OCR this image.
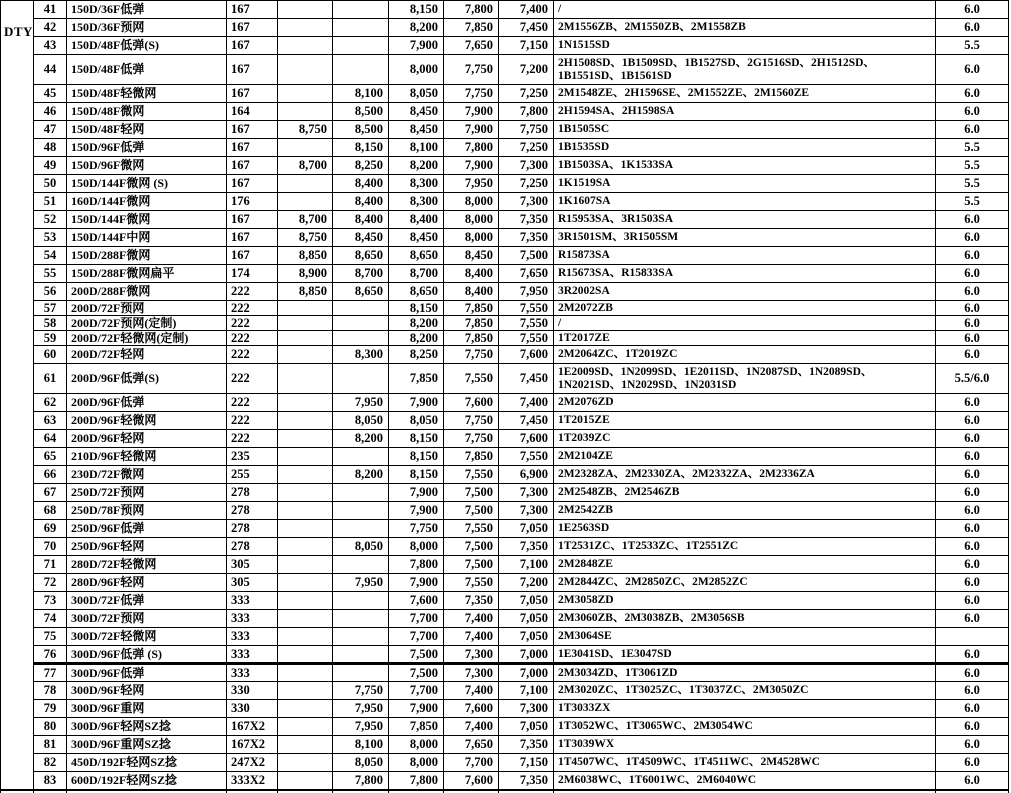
DTY	41	150D/36F低弹	167			8,150	7,800	7,400	/	6.0
	42	150D/36F预网	167			8,200	7,850	7,450	2M1556ZB、2M1550ZB、2M1558ZB	6.0
	43	150D/48F低弹(S)	167			7,900	7,650	7,150	1N1515SD	5.5
	44	150D/48F低弹	167			8,000	7,750	7,200	2H1508SD、1B1509SD、1B1527SD、2G1516SD、2H1512SD、1B1551SD、1B1561SD	6.0
	45	150D/48F轻微网	167		8,100	8,050	7,750	7,250	2M1548ZE、2H1596SE、2M1552ZE、2M1560ZE	6.0
	46	150D/48F微网	164		8,500	8,450	7,900	7,800	2H1594SA、2H1598SA	6.0
	47	150D/48F轻网	167	8,750	8,500	8,450	7,900	7,750	1B1505SC	6.0
	48	150D/96F低弹	167		8,150	8,100	7,800	7,250	1B1535SD	5.5
	49	150D/96F微网	167	8,700	8,250	8,200	7,900	7,300	1B1503SA、1K1533SA	5.5
	50	150D/144F微网 (S)	167		8,400	8,300	7,950	7,250	1K1519SA	5.5
	51	160D/144F微网	176		8,400	8,300	8,000	7,300	1K1607SA	5.5
	52	150D/144F微网	167	8,700	8,400	8,400	8,000	7,350	R15953SA、3R1503SA	6.0
	53	150D/144F中网	167	8,750	8,450	8,450	8,000	7,350	3R1501SM、3R1505SM	6.0
	54	150D/288F微网	167	8,850	8,650	8,650	8,450	7,500	R15873SA	6.0
	55	150D/288F微网扁平	174	8,900	8,700	8,700	8,400	7,650	R15673SA、R15833SA	6.0
	56	200D/288F微网	222	8,850	8,650	8,650	8,400	7,950	3R2002SA	6.0
	57	200D/72F预网	222			8,150	7,850	7,550	2M2072ZB	6.0
	58	200D/72F预网(定制)	222			8,200	7,850	7,550	/	6.0
	59	200D/72F轻微网(定制)	222			8,200	7,850	7,550	1T2017ZE	6.0
	60	200D/72F轻网	222		8,300	8,250	7,750	7,600	2M2064ZC、1T2019ZC	6.0
	61	200D/96F低弹(S)	222			7,850	7,550	7,450	1E2009SD、1N2099SD、1E2011SD、1N2087SD、1N2089SD、1N2021SD、1N2029SD、1N2031SD	5.5/6.0
	62	200D/96F低弹	222		7,950	7,900	7,600	7,400	2M2076ZD	6.0
	63	200D/96F轻微网	222		8,050	8,050	7,750	7,450	1T2015ZE	6.0
	64	200D/96F轻网	222		8,200	8,150	7,750	7,600	1T2039ZC	6.0
	65	210D/96F轻微网	235			8,150	7,850	7,550	2M2104ZE	6.0
	66	230D/72F微网	255		8,200	8,150	7,550	6,900	2M2328ZA、2M2330ZA、2M2332ZA、2M2336ZA	6.0
	67	250D/72F预网	278			7,900	7,500	7,300	2M2548ZB、2M2546ZB	6.0
	68	250D/78F预网	278			7,900	7,500	7,300	2M2542ZB	6.0
	69	250D/96F低弹	278			7,750	7,550	7,050	1E2563SD	6.0
	70	250D/96F轻网	278		8,050	8,000	7,500	7,350	1T2531ZC、1T2533ZC、1T2551ZC	6.0
	71	280D/72F轻微网	305			7,800	7,500	7,100	2M2848ZE	6.0
	72	280D/96F轻网	305		7,950	7,900	7,550	7,200	2M2844ZC、2M2850ZC、2M2852ZC	6.0
	73	300D/72F低弹	333			7,600	7,350	7,050	2M3058ZD	6.0
	74	300D/72F预网	333			7,700	7,400	7,050	2M3060ZB、2M3038ZB、2M3056SB	6.0
	75	300D/72F轻微网	333			7,700	7,400	7,050	2M3064SE	
	76	300D/96F低弹 (S)	333			7,500	7,300	7,000	1E3041SD、1E3047SD	6.0
	77	300D/96F低弹	333			7,500	7,300	7,000	2M3034ZD、1T3061ZD	6.0
	78	300D/96F轻网	330		7,750	7,700	7,400	7,100	2M3020ZC、1T3025ZC、1T3037ZC、2M3050ZC	6.0
	79	300D/96F重网	330		7,950	7,900	7,600	7,300	1T3033ZX	6.0
	80	300D/96F轻网SZ捻	167X2		7,950	7,850	7,400	7,050	1T3052WC、1T3065WC、2M3054WC	6.0
	81	300D/96F重网SZ捻	167X2		8,100	8,000	7,650	7,350	1T3039WX	6.0
	82	450D/192F轻网SZ捻	247X2		8,050	8,000	7,700	7,150	1T4507WC、1T4509WC、1T4511WC、2M4528WC	6.0
	83	600D/192F轻网SZ捻	333X2		7,800	7,800	7,600	7,350	2M6038WC、1T6001WC、2M6040WC	6.0
